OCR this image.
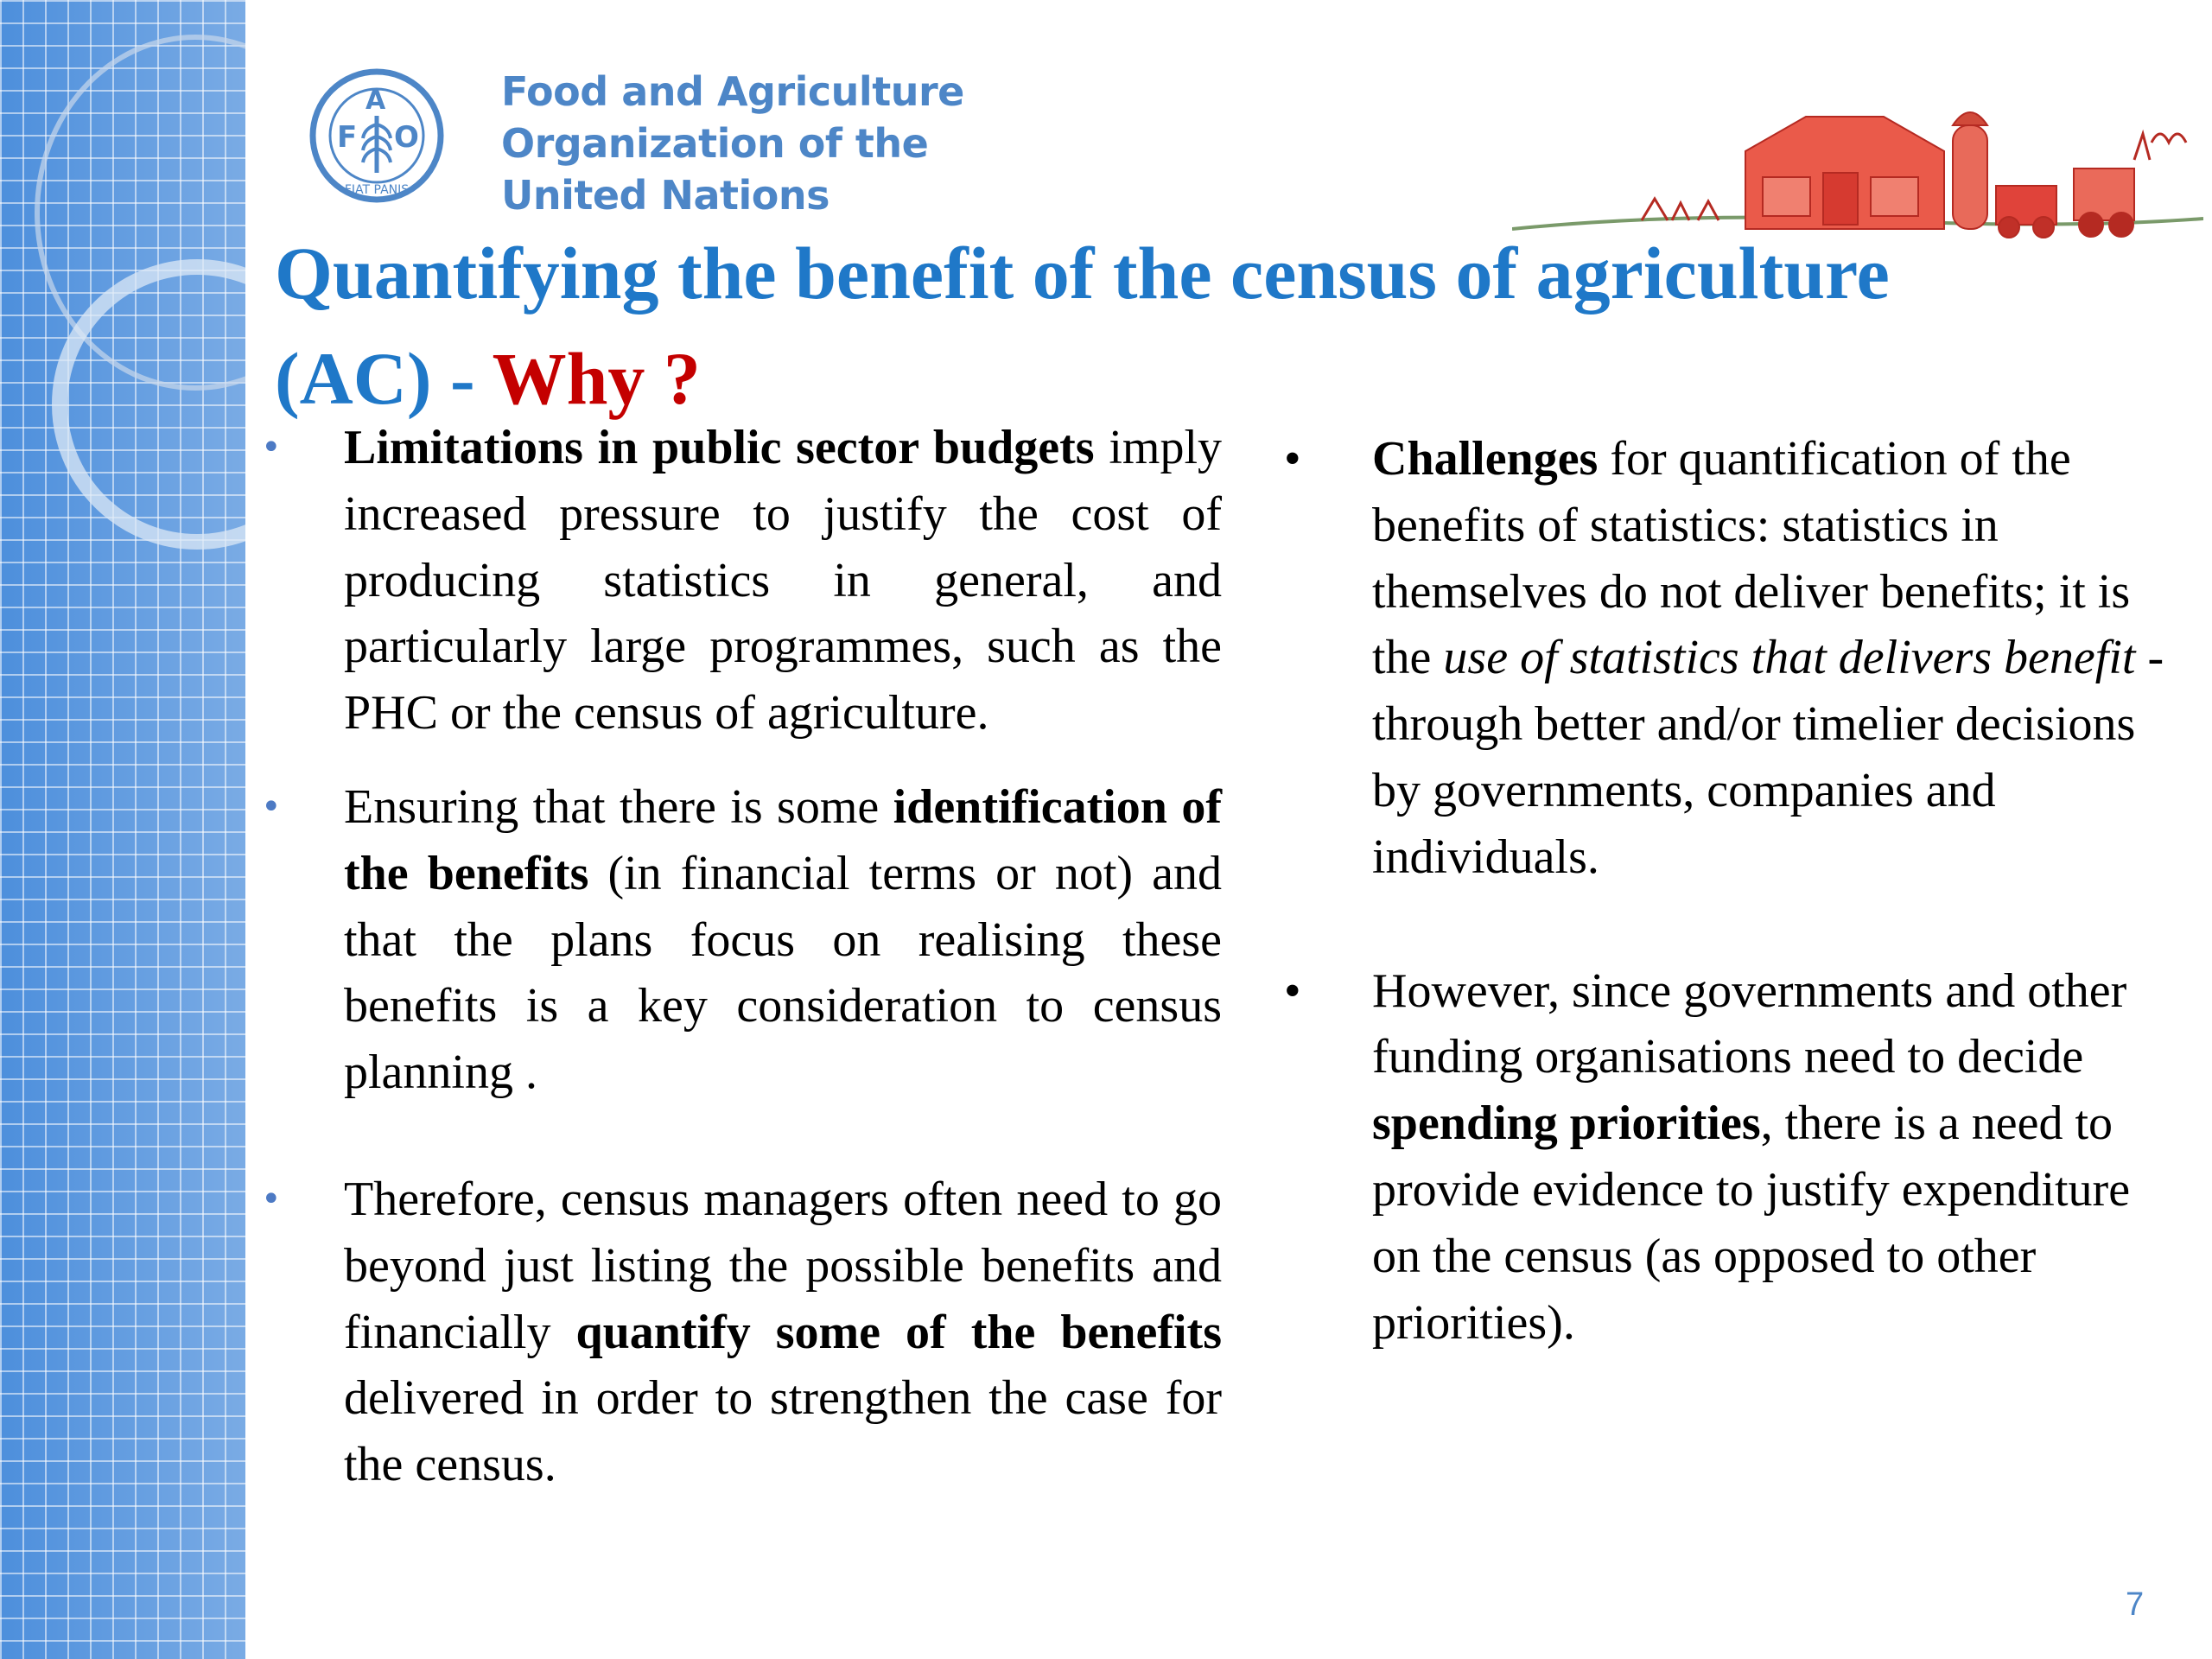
F
A
O
FIAT PANIS
Food and Agriculture
Organization of the
United Nations
Quantifying the benefit of the census of agriculture
(AC) - Why ?
• Limitations in public sector budgets imply increased pressure to justify the cost of producing statistics in general, and particularly large programmes, such as the PHC or the census of agriculture.
• Ensuring that there is some identification of the benefits (in financial terms or not) and that the plans focus on realising these benefits is a key consideration to census planning .
• Therefore, census managers often need to go beyond just listing the possible benefits and financially quantify some of the benefits delivered in order to strengthen the case for the census.
• Challenges for quantification of the benefits of statistics: statistics in themselves do not deliver benefits; it is the use of statistics that delivers benefit - through better and/or timelier decisions by governments, companies and individuals.
• However, since governments and other funding organisations need to decide spending priorities, there is a need to provide evidence to justify expenditure on the census (as opposed to other priorities).
7
